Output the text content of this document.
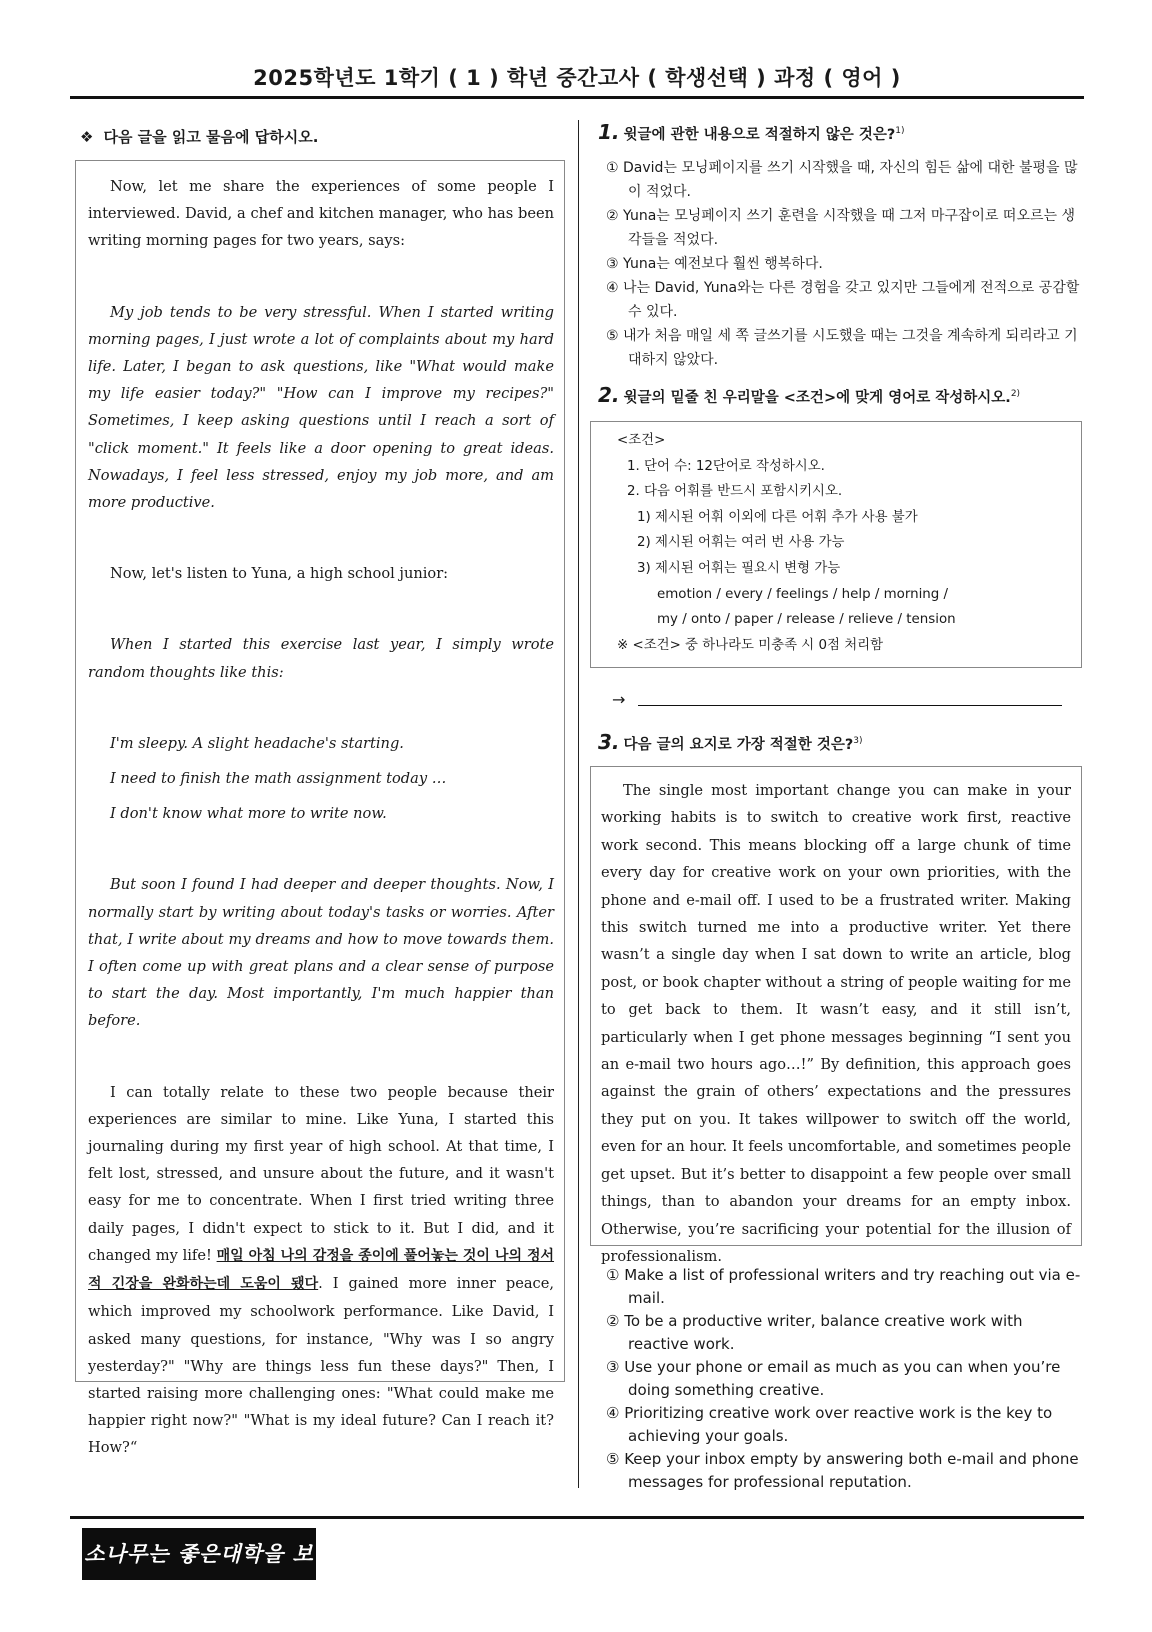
2025학년도 1학기 ( 1 ) 학년 중간고사 ( 학생선택 ) 과정 ( 영어 )
❖ 다음 글을 읽고 물음에 답하시오.

Now, let me share the experiences of some people I interviewed. David, a chef and kitchen manager, who has been writing morning pages for two years, says:

My job tends to be very stressful. When I started writing morning pages, I just wrote a lot of complaints about my hard life. Later, I began to ask questions, like "What would make my life easier today?" "How can I improve my recipes?" Sometimes, I keep asking questions until I reach a sort of "click moment." It feels like a door opening to great ideas. Nowadays, I feel less stressed, enjoy my job more, and am more productive.

Now, let's listen to Yuna, a high school junior:

When I started this exercise last year, I simply wrote random thoughts like this:

I'm sleepy. A slight headache's starting.

I need to finish the math assignment today …

I don't know what more to write now.

But soon I found I had deeper and deeper thoughts. Now, I normally start by writing about today's tasks or worries. After that, I write about my dreams and how to move towards them. I often come up with great plans and a clear sense of purpose to start the day. Most importantly, I'm much happier than before.

I can totally relate to these two people because their experiences are similar to mine. Like Yuna, I started this journaling during my first year of high school. At that time, I felt lost, stressed, and unsure about the future, and it wasn't easy for me to concentrate. When I first tried writing three daily pages, I didn't expect to stick to it. But I did, and it changed my life! 매일 아침 나의 감정을 종이에 풀어놓는 것이 나의 정서적 긴장을 완화하는데 도움이 됐다. I gained more inner peace, which improved my schoolwork performance. Like David, I asked many questions, for instance, "Why was I so angry yesterday?" "Why are things less fun these days?" Then, I started raising more challenging ones: "What could make me happier right now?" "What is my ideal future? Can I reach it? How?“

1. 윗글에 관한 내용으로 적절하지 않은 것은?$^{1)}$
① David는 모닝페이지를 쓰기 시작했을 때, 자신의 힘든 삶에 대한 불평을 많이 적었다.
② Yuna는 모닝페이지 쓰기 훈련을 시작했을 때 그저 마구잡이로 떠오르는 생각들을 적었다.
③ Yuna는 예전보다 훨씬 행복하다.
④ 나는 David, Yuna와는 다른 경험을 갖고 있지만 그들에게 전적으로 공감할 수 있다.
⑤ 내가 처음 매일 세 쪽 글쓰기를 시도했을 때는 그것을 계속하게 되리라고 기대하지 않았다.
2. 윗글의 밑줄 친 우리말을 <조건>에 맞게 영어로 작성하시오.$^{2)}$
<조건>
1. 단어 수: 12단어로 작성하시오.
2. 다음 어휘를 반드시 포함시키시오.
1) 제시된 어휘 이외에 다른 어휘 추가 사용 불가
2) 제시된 어휘는 여러 번 사용 가능
3) 제시된 어휘는 필요시 변형 가능
emotion / every / feelings / help / morning /
my / onto / paper / release / relieve / tension
※ <조건> 중 하나라도 미충족 시 0점 처리함
→
3. 다음 글의 요지로 가장 적절한 것은?$^{3)}$

The single most important change you can make in your working habits is to switch to creative work first, reactive work second. This means blocking off a large chunk of time every day for creative work on your own priorities, with the phone and e-mail off. I used to be a frustrated writer. Making this switch turned me into a productive writer. Yet there wasn’t a single day when I sat down to write an article, blog post, or book chapter without a string of people waiting for me to get back to them. It wasn’t easy, and it still isn’t, particularly when I get phone messages beginning “I sent you an e-mail two hours ago…!” By definition, this approach goes against the grain of others’ expectations and the pressures they put on you. It takes willpower to switch off the world, even for an hour. It feels uncomfortable, and sometimes people get upset. But it’s better to disappoint a few people over small things, than to abandon your dreams for an empty inbox. Otherwise, you’re sacrificing your potential for the illusion of professionalism.

① Make a list of professional writers and try reaching out via e-mail.
② To be a productive writer, balance creative work with reactive work.
③ Use your phone or email as much as you can when you’re doing something creative.
④ Prioritizing creative work over reactive work is the key to achieving your goals.
⑤ Keep your inbox empty by answering both e-mail and phone messages for professional reputation.
소나무는 좋은대학을 보냅니다!
